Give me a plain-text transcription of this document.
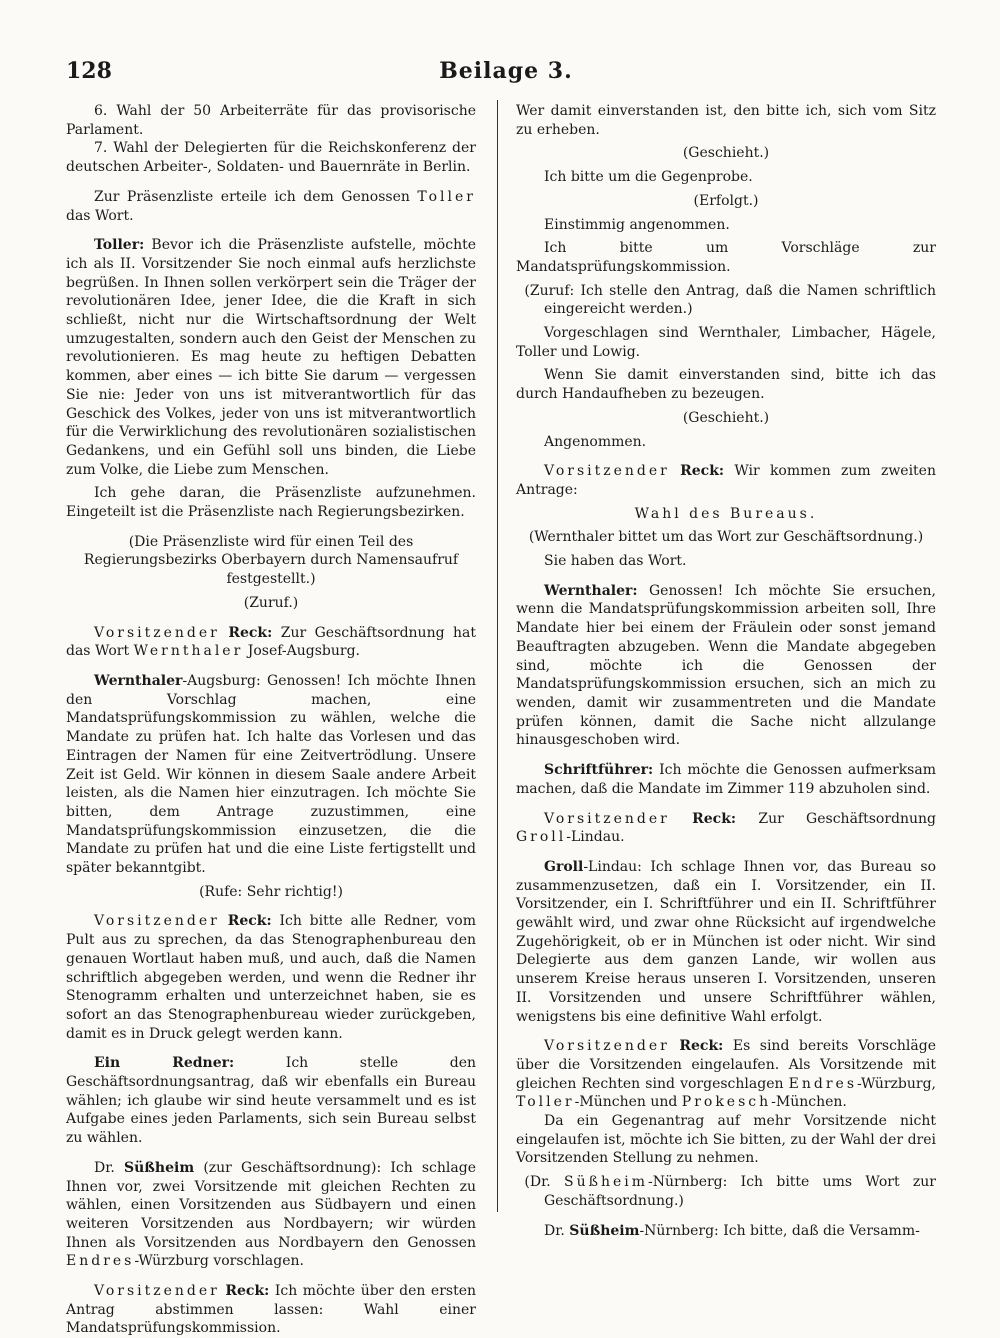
128	Beilage 3.

6. Wahl der 50 Arbeiterräte für das provisorische Parlament.

7. Wahl der Delegierten für die Reichskonferenz der deutschen Arbeiter-, Soldaten- und Bauernräte in Berlin.

Zur Präsenzliste erteile ich dem Genossen Toller das Wort.

Toller: Bevor ich die Präsenzliste aufstelle, möchte ich als II. Vorsitzender Sie noch einmal aufs herzlichste begrüßen. In Ihnen sollen verkörpert sein die Träger der revolutionären Idee, jener Idee, die die Kraft in sich schließt, nicht nur die Wirtschaftsordnung der Welt umzugestalten, sondern auch den Geist der Menschen zu revolutionieren. Es mag heute zu heftigen Debatten kommen, aber eines — ich bitte Sie darum — vergessen Sie nie: Jeder von uns ist mitverantwortlich für das Geschick des Volkes, jeder von uns ist mitverantwortlich für die Verwirklichung des revolutionären sozialistischen Gedankens, und ein Gefühl soll uns binden, die Liebe zum Volke, die Liebe zum Menschen.

Ich gehe daran, die Präsenzliste aufzunehmen. Eingeteilt ist die Präsenzliste nach Regierungsbezirken.

(Die Präsenzliste wird für einen Teil des Regierungsbezirks Oberbayern durch Namensaufruf festgestellt.)

(Zuruf.)

Vorsitzender Reck: Zur Geschäftsordnung hat das Wort Wernthaler Josef-Augsburg.

Wernthaler-Augsburg: Genossen! Ich möchte Ihnen den Vorschlag machen, eine Mandatsprüfungskommission zu wählen, welche die Mandate zu prüfen hat. Ich halte das Vorlesen und das Eintragen der Namen für eine Zeitvertrödlung. Unsere Zeit ist Geld. Wir können in diesem Saale andere Arbeit leisten, als die Namen hier einzutragen. Ich möchte Sie bitten, dem Antrage zuzustimmen, eine Mandatsprüfungskommission einzusetzen, die die Mandate zu prüfen hat und die eine Liste fertigstellt und später bekanntgibt.

(Rufe: Sehr richtig!)

Vorsitzender Reck: Ich bitte alle Redner, vom Pult aus zu sprechen, da das Stenographenbureau den genauen Wortlaut haben muß, und auch, daß die Namen schriftlich abgegeben werden, und wenn die Redner ihr Stenogramm erhalten und unterzeichnet haben, sie es sofort an das Stenographenbureau wieder zurückgeben, damit es in Druck gelegt werden kann.

Ein Redner: Ich stelle den Geschäftsordnungsantrag, daß wir ebenfalls ein Bureau wählen; ich glaube wir sind heute versammelt und es ist Aufgabe eines jeden Parlaments, sich sein Bureau selbst zu wählen.

Dr. Süßheim (zur Geschäftsordnung): Ich schlage Ihnen vor, zwei Vorsitzende mit gleichen Rechten zu wählen, einen Vorsitzenden aus Südbayern und einen weiteren Vorsitzenden aus Nordbayern; wir würden Ihnen als Vorsitzenden aus Nordbayern den Genossen Endres-Würzburg vorschlagen.

Vorsitzender Reck: Ich möchte über den ersten Antrag abstimmen lassen: Wahl einer Mandatsprüfungskommission.

Wer damit einverstanden ist, den bitte ich, sich vom Sitz zu erheben.

(Geschieht.)

Ich bitte um die Gegenprobe.

(Erfolgt.)

Einstimmig angenommen.

Ich bitte um Vorschläge zur Mandatsprüfungskommission.

(Zuruf: Ich stelle den Antrag, daß die Namen schriftlich eingereicht werden.)

Vorgeschlagen sind Wernthaler, Limbacher, Hägele, Toller und Lowig.

Wenn Sie damit einverstanden sind, bitte ich das durch Handaufheben zu bezeugen.

(Geschieht.)

Angenommen.

Vorsitzender Reck: Wir kommen zum zweiten Antrage:

Wahl des Bureaus.

(Wernthaler bittet um das Wort zur Geschäftsordnung.)

Sie haben das Wort.

Wernthaler: Genossen! Ich möchte Sie ersuchen, wenn die Mandatsprüfungskommission arbeiten soll, Ihre Mandate hier bei einem der Fräulein oder sonst jemand Beauftragten abzugeben. Wenn die Mandate abgegeben sind, möchte ich die Genossen der Mandatsprüfungskommission ersuchen, sich an mich zu wenden, damit wir zusammentreten und die Mandate prüfen können, damit die Sache nicht allzulange hinausgeschoben wird.

Schriftführer: Ich möchte die Genossen aufmerksam machen, daß die Mandate im Zimmer 119 abzuholen sind.

Vorsitzender Reck: Zur Geschäftsordnung Groll-Lindau.

Groll-Lindau: Ich schlage Ihnen vor, das Bureau so zusammenzusetzen, daß ein I. Vorsitzender, ein II. Vorsitzender, ein I. Schriftführer und ein II. Schriftführer gewählt wird, und zwar ohne Rücksicht auf irgendwelche Zugehörigkeit, ob er in München ist oder nicht. Wir sind Delegierte aus dem ganzen Lande, wir wollen aus unserem Kreise heraus unseren I. Vorsitzenden, unseren II. Vorsitzenden und unsere Schriftführer wählen, wenigstens bis eine definitive Wahl erfolgt.

Vorsitzender Reck: Es sind bereits Vorschläge über die Vorsitzenden eingelaufen. Als Vorsitzende mit gleichen Rechten sind vorgeschlagen Endres-Würzburg, Toller-München und Prokesch-München.

Da ein Gegenantrag auf mehr Vorsitzende nicht eingelaufen ist, möchte ich Sie bitten, zu der Wahl der drei Vorsitzenden Stellung zu nehmen.

(Dr. Süßheim-Nürnberg: Ich bitte ums Wort zur Geschäftsordnung.)

Dr. Süßheim-Nürnberg: Ich bitte, daß die Versamm-
